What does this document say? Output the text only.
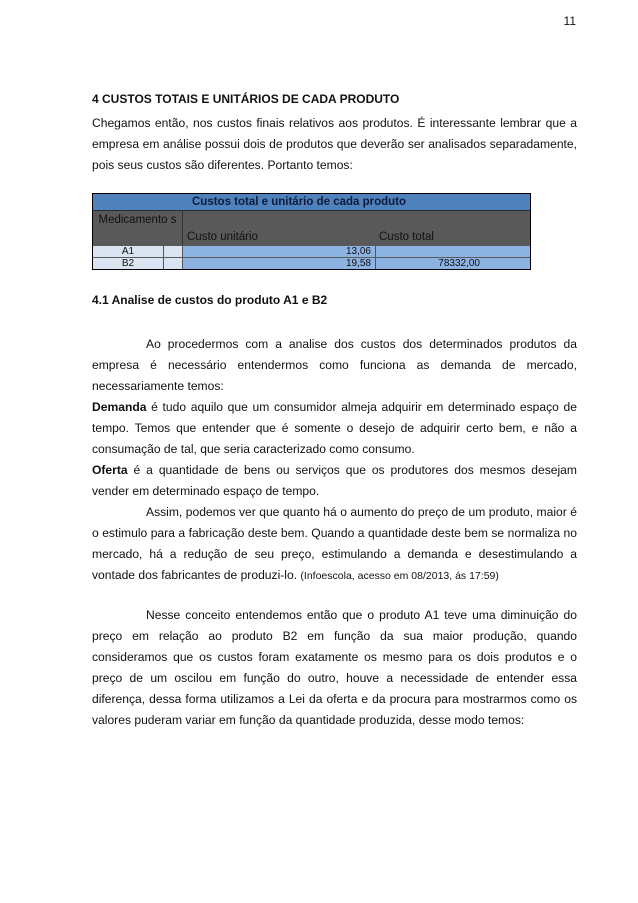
11

4 CUSTOS TOTAIS E UNITÁRIOS DE CADA PRODUTO

Chegamos então, nos custos finais relativos aos produtos. É interessante lembrar que a empresa em análise possui dois de produtos que deverão ser analisados separadamente, pois seus custos são diferentes. Portanto temos:

Custos total e unitário de cada produto
Medicamento s
Custo unitário	Custo total
A1	13,06
B2	19,58	78332,00

4.1 Analise de custos do produto A1 e B2

Ao procedermos com a analise dos custos dos determinados produtos da empresa é necessário entendermos como funciona as demanda de mercado, necessariamente temos:

Demanda é tudo aquilo que um consumidor almeja adquirir em determinado espaço de tempo. Temos que entender que é somente o desejo de adquirir certo bem, e não a consumação de tal, que seria caracterizado como consumo.

Oferta é a quantidade de bens ou serviços que os produtores dos mesmos desejam vender em determinado espaço de tempo.

Assim, podemos ver que quanto há o aumento do preço de um produto, maior é o estimulo para a fabricação deste bem. Quando a quantidade deste bem se normaliza no mercado, há a redução de seu preço, estimulando a demanda e desestimulando a vontade dos fabricantes de produzi-lo. (Infoescola, acesso em 08/2013, ás 17:59)

Nesse conceito entendemos então que o produto A1 teve uma diminuição do preço em relação ao produto B2 em função da sua maior produção, quando consideramos que os custos foram exatamente os mesmo para os dois produtos e o preço de um oscilou em função do outro, houve a necessidade de entender essa diferença, dessa forma utilizamos a Lei da oferta e da procura para mostrarmos como os valores puderam variar em função da quantidade produzida, desse modo temos:
